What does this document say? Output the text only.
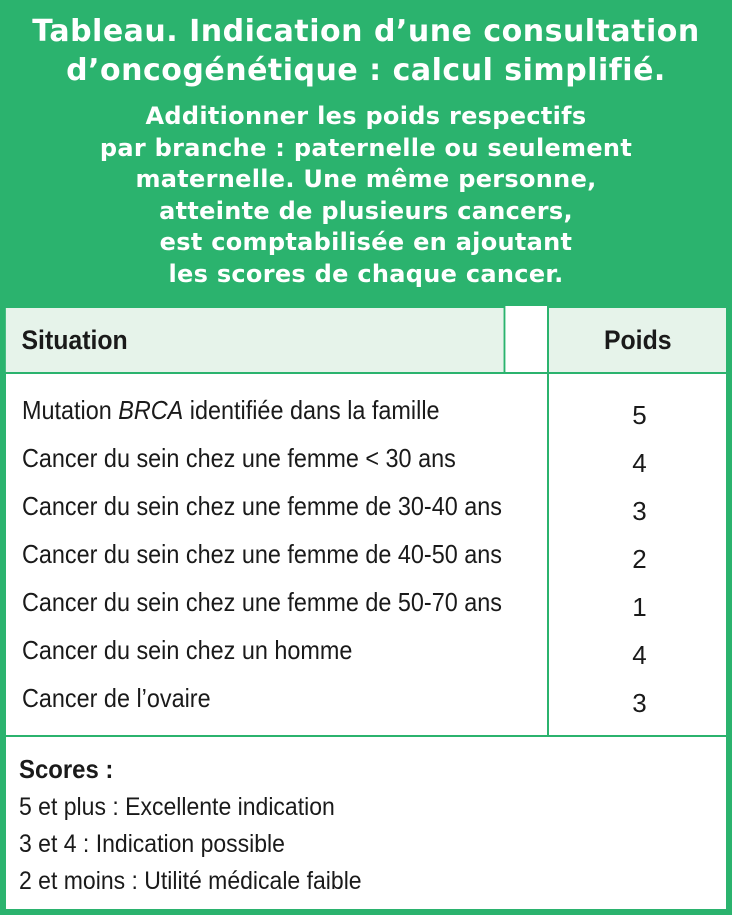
Tableau. Indication d’une consultation
d’oncogénétique : calcul simplifié.
Additionner les poids respectifs
par branche : paternelle ou seulement
maternelle. Une même personne,
atteinte de plusieurs cancers,
est comptabilisée en ajoutant
les scores de chaque cancer.
Situation	Poids
Mutation BRCA identifiée dans la famille
Cancer du sein chez une femme < 30 ans
Cancer du sein chez une femme de 30-40 ans
Cancer du sein chez une femme de 40-50 ans
Cancer du sein chez une femme de 50-70 ans
Cancer du sein chez un homme
Cancer de l’ovaire
5
4
3
2
1
4
3
Scores :
5 et plus : Excellente indication
3 et 4 : Indication possible
2 et moins : Utilité médicale faible
